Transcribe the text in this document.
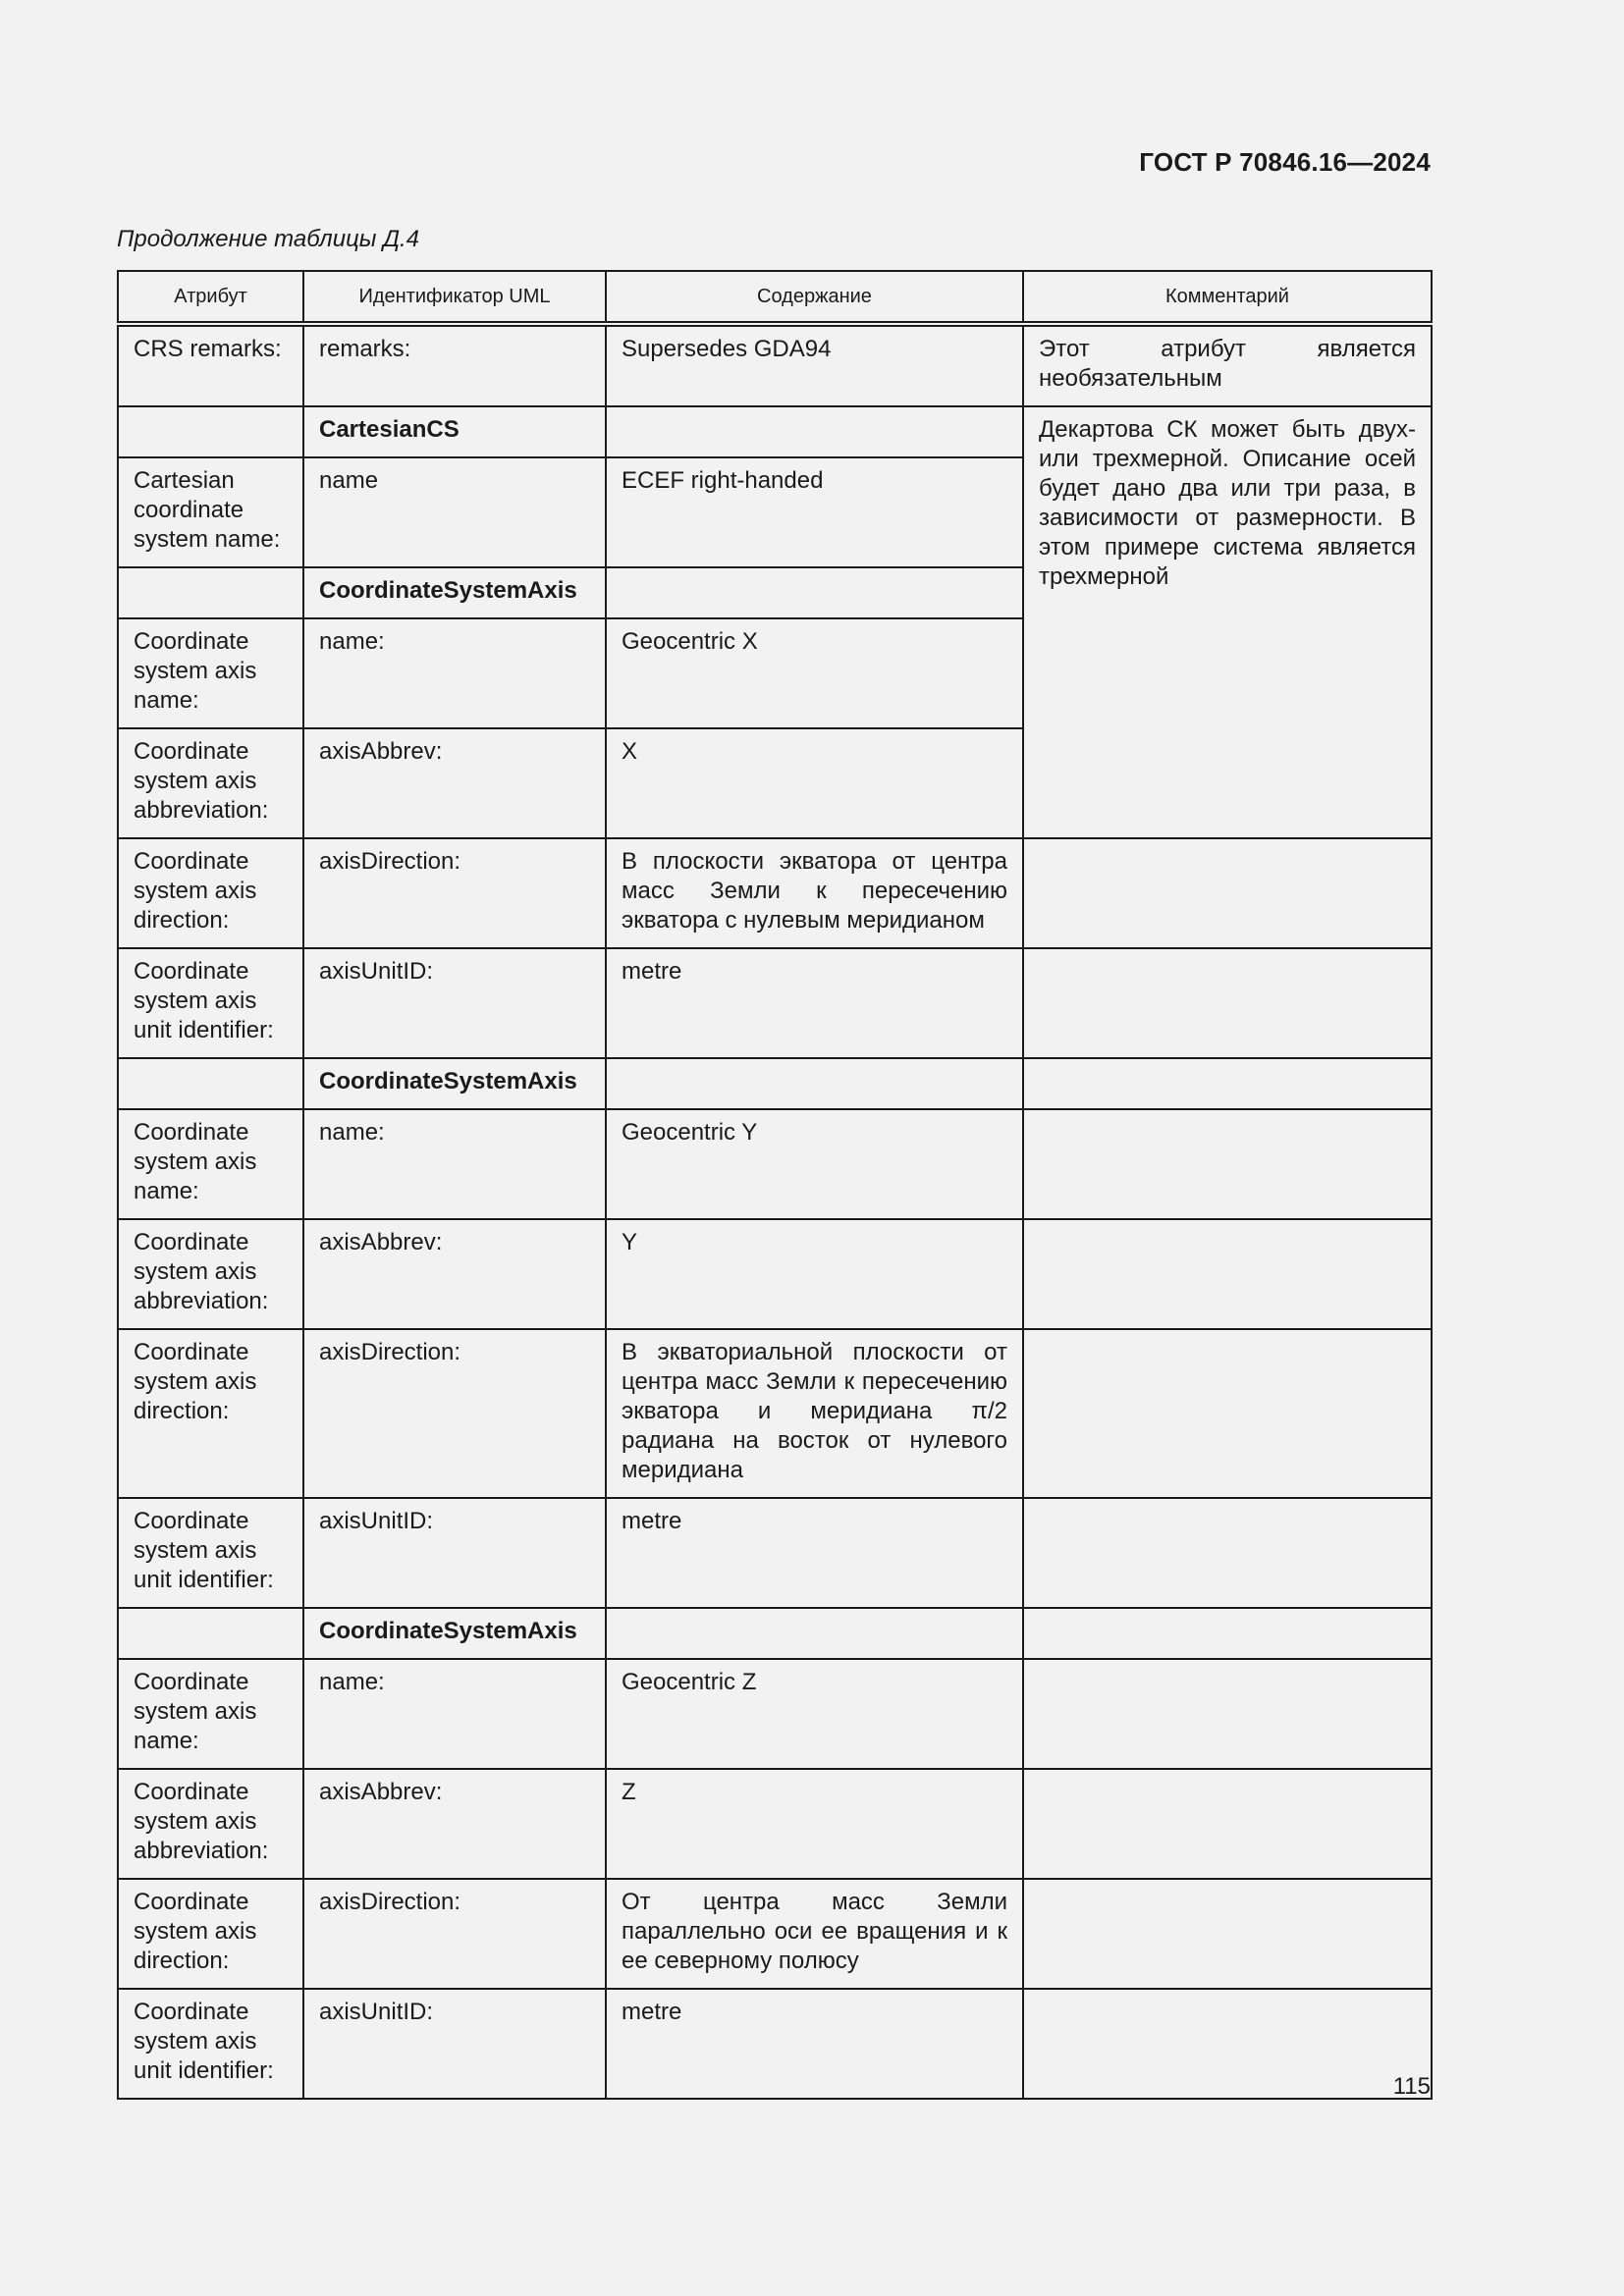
ГОСТ Р 70846.16—2024
Продолжение таблицы Д.4
Атрибут	Идентификатор UML	Содержание	Комментарий
CRS remarks:	remarks:	Supersedes GDA94	Этот атрибут является необязательным
	CartesianCS		Декартова СК может быть двух- или трехмерной. Описание осей будет дано два или три раза, в зависимости от размерности. В этом примере система является трехмерной
Cartesian coordinate system name:	name	ECEF right-handed	
	CoordinateSystemAxis		
Coordinate system axis name:	name:	Geocentric X	
Coordinate system axis abbreviation:	axisAbbrev:	X	
Coordinate system axis direction:	axisDirection:	В плоскости экватора от центра масс Земли к пересечению экватора с нулевым меридианом	
Coordinate system axis unit identifier:	axisUnitID:	metre	
	CoordinateSystemAxis		
Coordinate system axis name:	name:	Geocentric Y	
Coordinate system axis abbreviation:	axisAbbrev:	Y	
Coordinate system axis direction:	axisDirection:	В экваториальной плоскости от центра масс Земли к пересечению экватора и меридиана π/2 радиана на восток от нулевого меридиана	
Coordinate system axis unit identifier:	axisUnitID:	metre	
	CoordinateSystemAxis		
Coordinate system axis name:	name:	Geocentric Z	
Coordinate system axis abbreviation:	axisAbbrev:	Z	
Coordinate system axis direction:	axisDirection:	От центра масс Земли параллельно оси ее вращения и к ее северному полюсу	
Coordinate system axis unit identifier:	axisUnitID:	metre	
115
